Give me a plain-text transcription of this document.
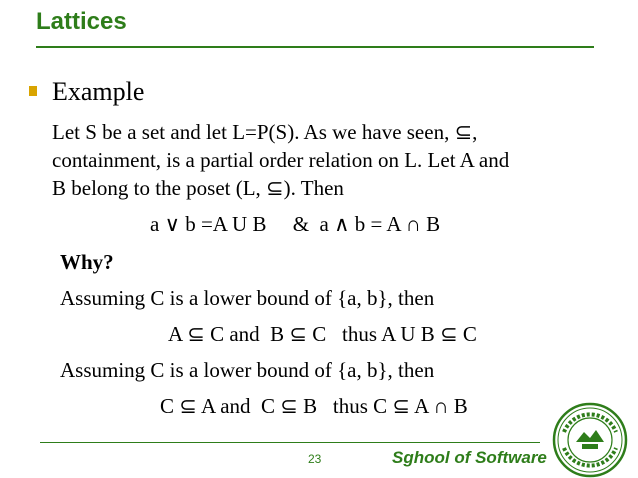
Lattices
Example
Let S be a set and let L=P(S). As we have seen, ⊆,
containment, is a partial order relation on L. Let A and
B belong to the poset (L, ⊆). Then
a ∨ b =A U B     &  a ∧ b = A ∩ B
Why?
Assuming C is a lower bound of {a, b}, then
A ⊆ C and  B ⊆ C   thus A U B ⊆ C
Assuming C is a lower bound of {a, b}, then
C ⊆ A and  C ⊆ B   thus C ⊆ A ∩ B
23	Sghool of Software
